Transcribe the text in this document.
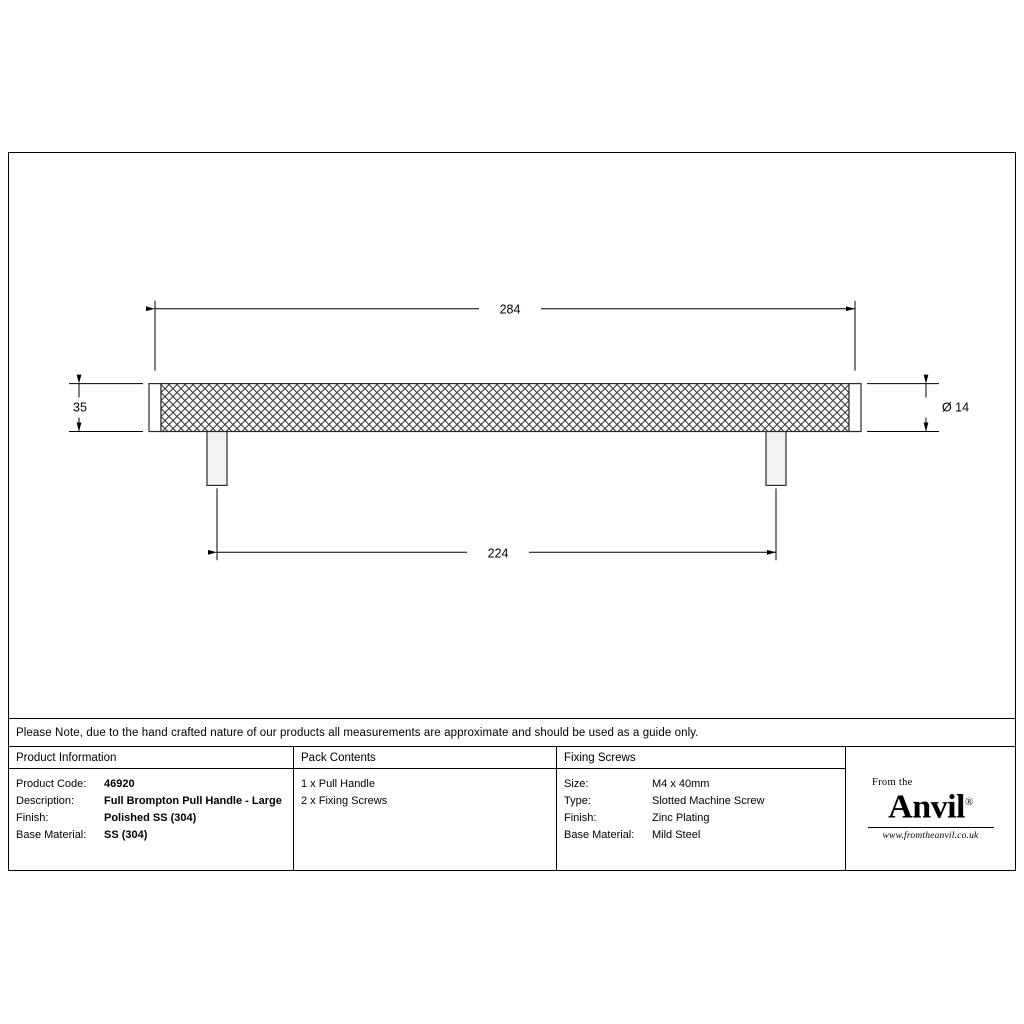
284
224
35	Ø 14
Please Note, due to the hand crafted nature of our products all measurements are approximate and should be used as a guide only.
Product Information
Product Code:	46920
Description:	Full Brompton Pull Handle - Large
Finish:	Polished SS (304)
Base Material:	SS (304)
Pack Contents
1 x Pull Handle
2 x Fixing Screws
Fixing Screws
Size:	M4 x 40mm
Type:	Slotted Machine Screw
Finish:	Zinc Plating
Base Material:	Mild Steel
From the
Anvil®
www.fromtheanvil.co.uk
